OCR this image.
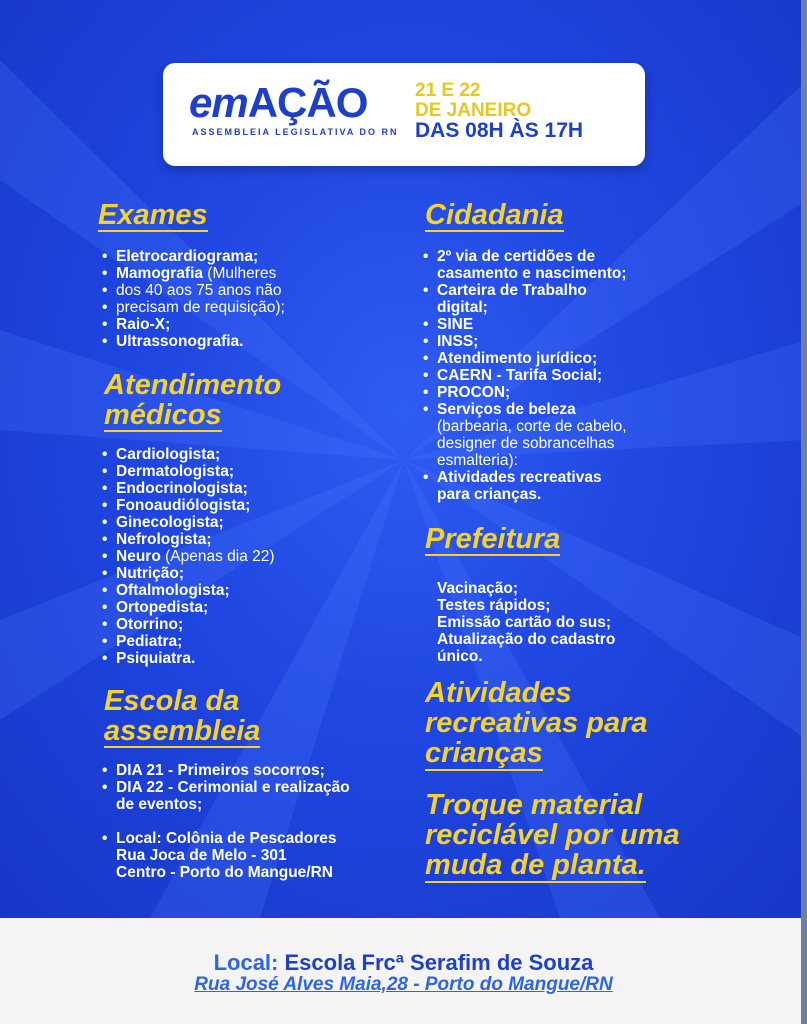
emAÇÃO
ASSEMBLEIA LEGISLATIVA DO RN
21 E 22
DE JANEIRO
DAS 08H ÀS 17H
Exames
• Eletrocardiograma;
• Mamografia (Mulheres
• dos 40 aos 75 anos não
• precisam de requisição);
• Raio-X;
• Ultrassonografia.
Atendimento
médicos
• Cardiologista;
• Dermatologista;
• Endocrinologista;
• Fonoaudiólogista;
• Ginecologista;
• Nefrologista;
• Neuro (Apenas dia 22)
• Nutrição;
• Oftalmologista;
• Ortopedista;
• Otorrino;
• Pediatra;
• Psiquiatra.
Escola da
assembleia
• DIA 21 - Primeiros socorros;
• DIA 22 - Cerimonial e realização
de eventos;
• Local: Colônia de Pescadores
Rua Joca de Melo - 301
Centro - Porto do Mangue/RN
Cidadania
• 2º via de certidões de
casamento e nascimento;
• Carteira de Trabalho
digital;
• SINE
• INSS;
• Atendimento jurídico;
• CAERN - Tarifa Social;
• PROCON;
• Serviços de beleza
(barbearia, corte de cabelo,
designer de sobrancelhas
esmalteria):
• Atividades recreativas
para crianças.
Prefeitura
Vacinação;
Testes rápidos;
Emissão cartão do sus;
Atualização do cadastro
único.
Atividades
recreativas para
crianças
Troque material
reciclável por uma
muda de planta.
Local: Escola Frcª Serafim de Souza
Rua José Alves Maia,28 - Porto do Mangue/RN
